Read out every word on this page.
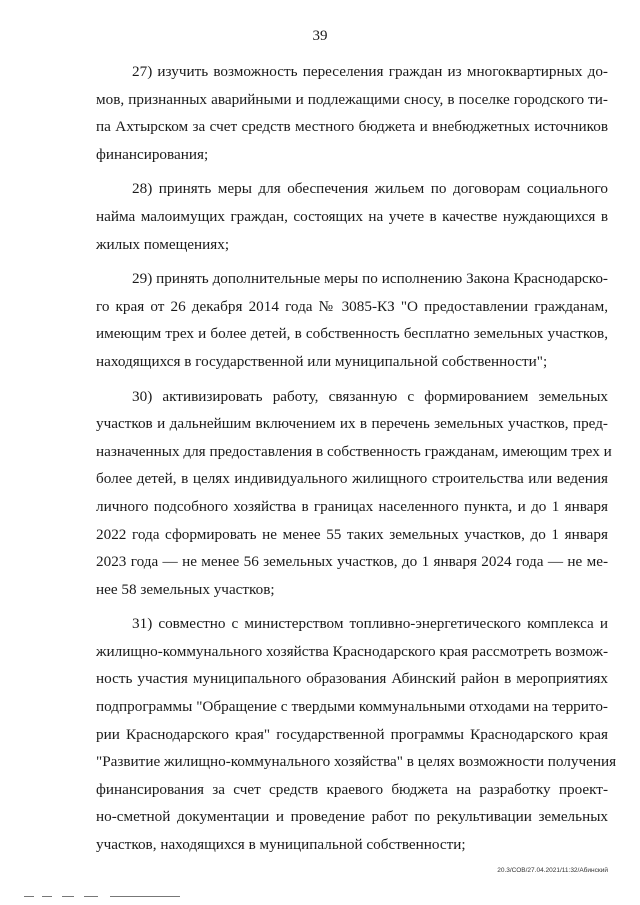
39
27) изучить возможность переселения граждан из многоквартирных до-
мов, признанных аварийными и подлежащими сносу, в поселке городского ти-
па Ахтырском за счет средств местного бюджета и внебюджетных источников
финансирования;
28) принять меры для обеспечения жильем по договорам социального
найма малоимущих граждан, состоящих на учете в качестве нуждающихся в
жилых помещениях;
29) принять дополнительные меры по исполнению Закона Краснодарско-
го края от 26 декабря 2014 года № 3085-КЗ "О предоставлении гражданам,
имеющим трех и более детей, в собственность бесплатно земельных участков,
находящихся в государственной или муниципальной собственности";
30) активизировать работу, связанную с формированием земельных
участков и дальнейшим включением их в перечень земельных участков, пред-
назначенных для предоставления в собственность гражданам, имеющим трех и
более детей, в целях индивидуального жилищного строительства или ведения
личного подсобного хозяйства в границах населенного пункта, и до 1 января
2022 года сформировать не менее 55 таких земельных участков, до 1 января
2023 года — не менее 56 земельных участков, до 1 января 2024 года — не ме-
нее 58 земельных участков;
31) совместно с министерством топливно-энергетического комплекса и
жилищно-коммунального хозяйства Краснодарского края рассмотреть возмож-
ность участия муниципального образования Абинский район в мероприятиях
подпрограммы "Обращение с твердыми коммунальными отходами на террито-
рии Краснодарского края" государственной программы Краснодарского края
"Развитие жилищно-коммунального хозяйства" в целях возможности получения
финансирования за счет средств краевого бюджета на разработку проект-
но-сметной документации и проведение работ по рекультивации земельных
участков, находящихся в муниципальной собственности;
20.3/СОВ/27.04.2021/11:32/Абинский
